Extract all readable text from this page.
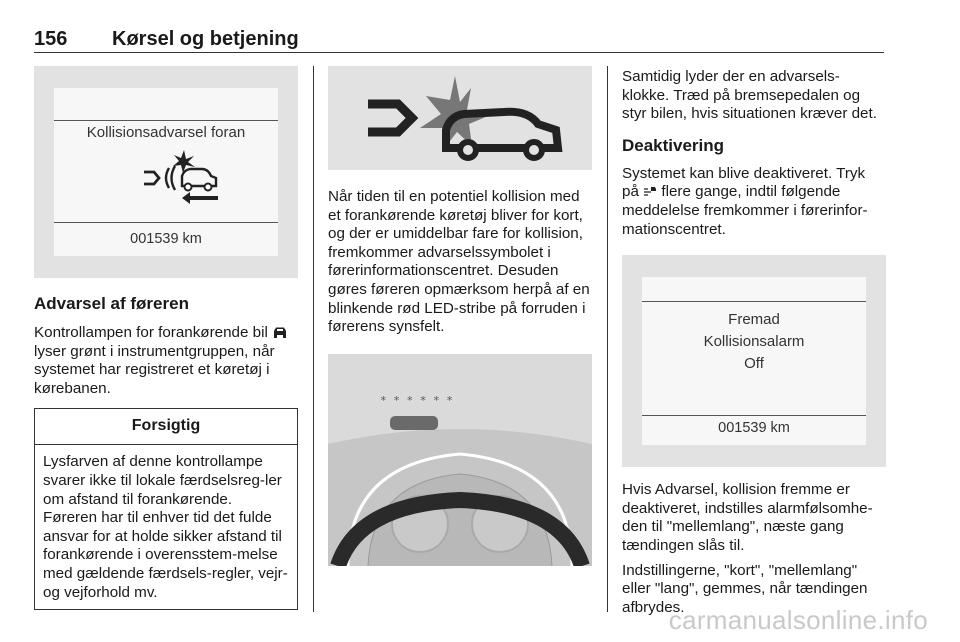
156 Kørsel og betjening
Kollisionsadvarsel foran
001539 km
Advarsel af føreren

Kontrollampen for forankørende bil lyser grønt i instrumentgruppen, når systemet har registreret et køretøj i kørebanen.

Forsigtig
Lysfarven af denne kontrollampe svarer ikke til lokale færdselsreg-ler om afstand til forankørende. Føreren har til enhver tid det fulde ansvar for at holde sikker afstand til forankørende i overensstem-melse med gældende færdsels-regler, vejr- og vejforhold mv.

Når tiden til en potentiel kollision med et forankørende køretøj bliver for kort, og der er umiddelbar fare for kollision, fremkommer advarselssymbolet i førerinformationscentret. Desuden gøres føreren opmærksom herpå af en blinkende rød LED-stribe på forruden i førerens synsfelt.

* * * * * *

Samtidig lyder der en advarsels-klokke. Træd på bremsepedalen og styr bilen, hvis situationen kræver det.

Deaktivering

Systemet kan blive deaktiveret. Tryk på flere gange, indtil følgende meddelelse fremkommer i førerinfor-mationscentret.

Fremad
Kollisionsalarm
Off
001539 km

Hvis Advarsel, kollision fremme er deaktiveret, indstilles alarmfølsomhe-den til "mellemlang", næste gang tændingen slås til.

Indstillingerne, "kort", "mellemlang" eller "lang", gemmes, når tændingen afbrydes.

carmanualsonline.info
